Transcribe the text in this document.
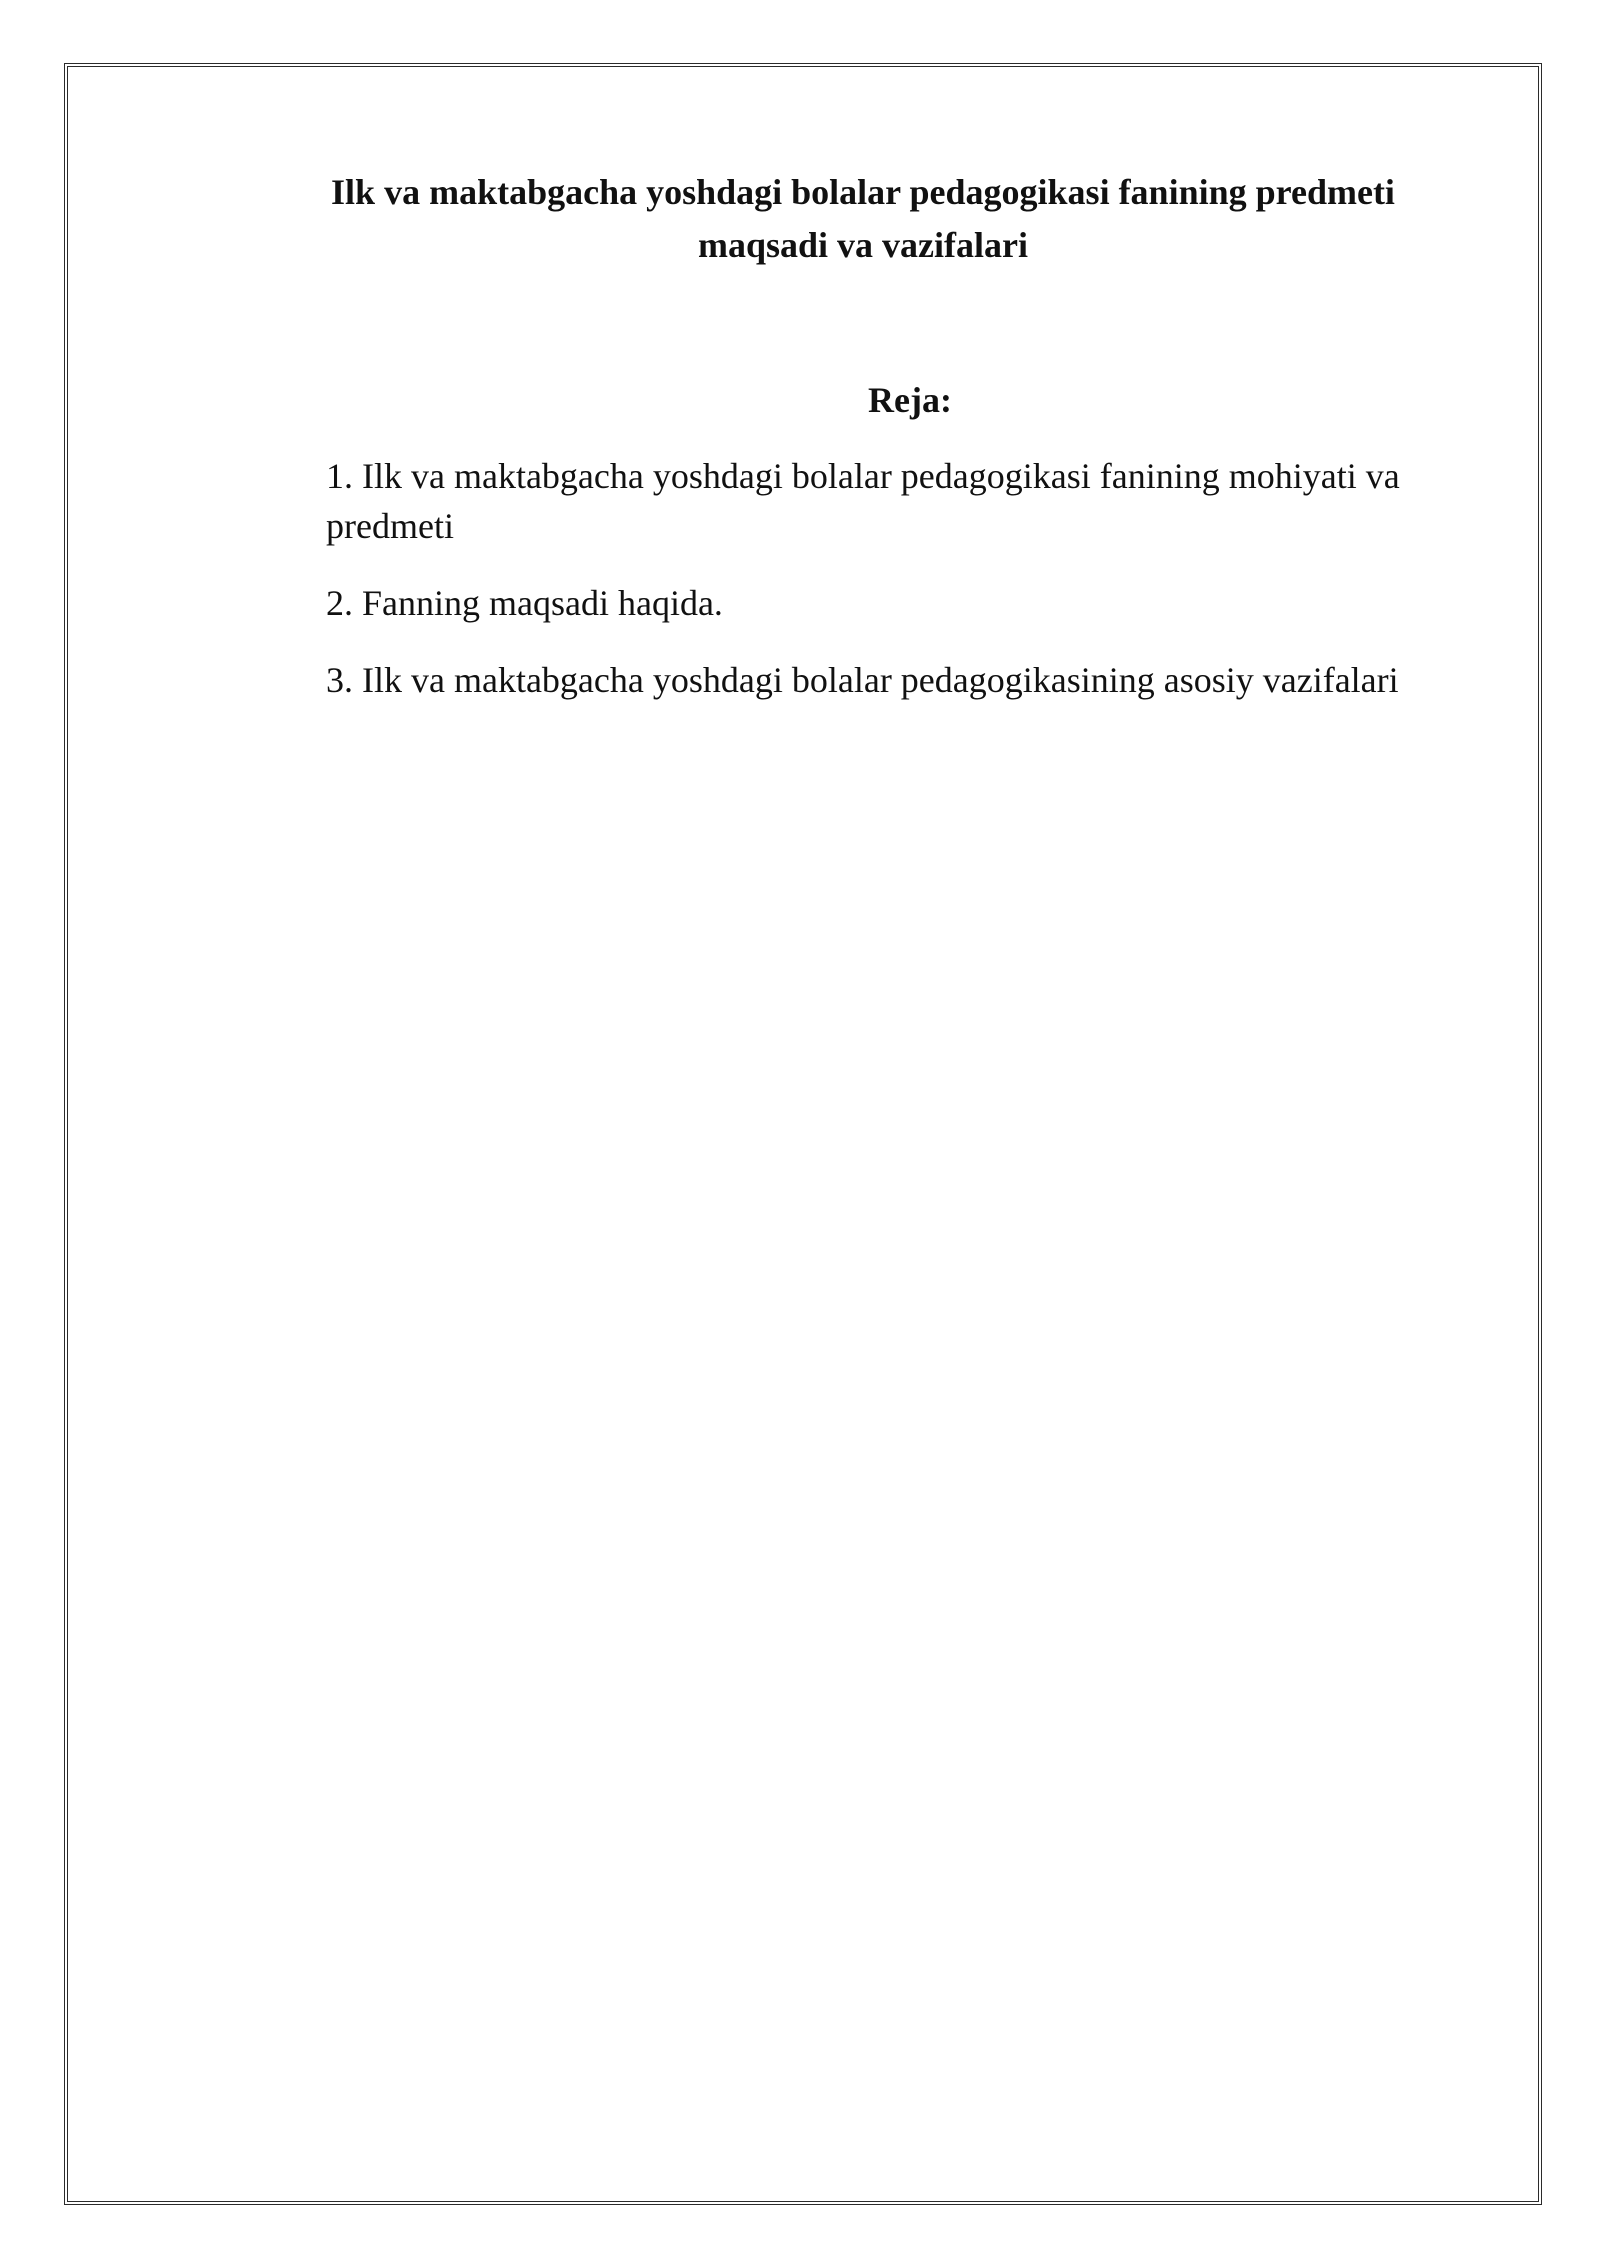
Ilk va maktabgacha yoshdagi bolalar pedagogikasi fanining predmeti
maqsadi va vazifalari
Reja:
1. Ilk va maktabgacha yoshdagi bolalar pedagogikasi fanining mohiyati va predmeti
2. Fanning maqsadi haqida.
3. Ilk va maktabgacha yoshdagi bolalar pedagogikasining asosiy vazifalari
